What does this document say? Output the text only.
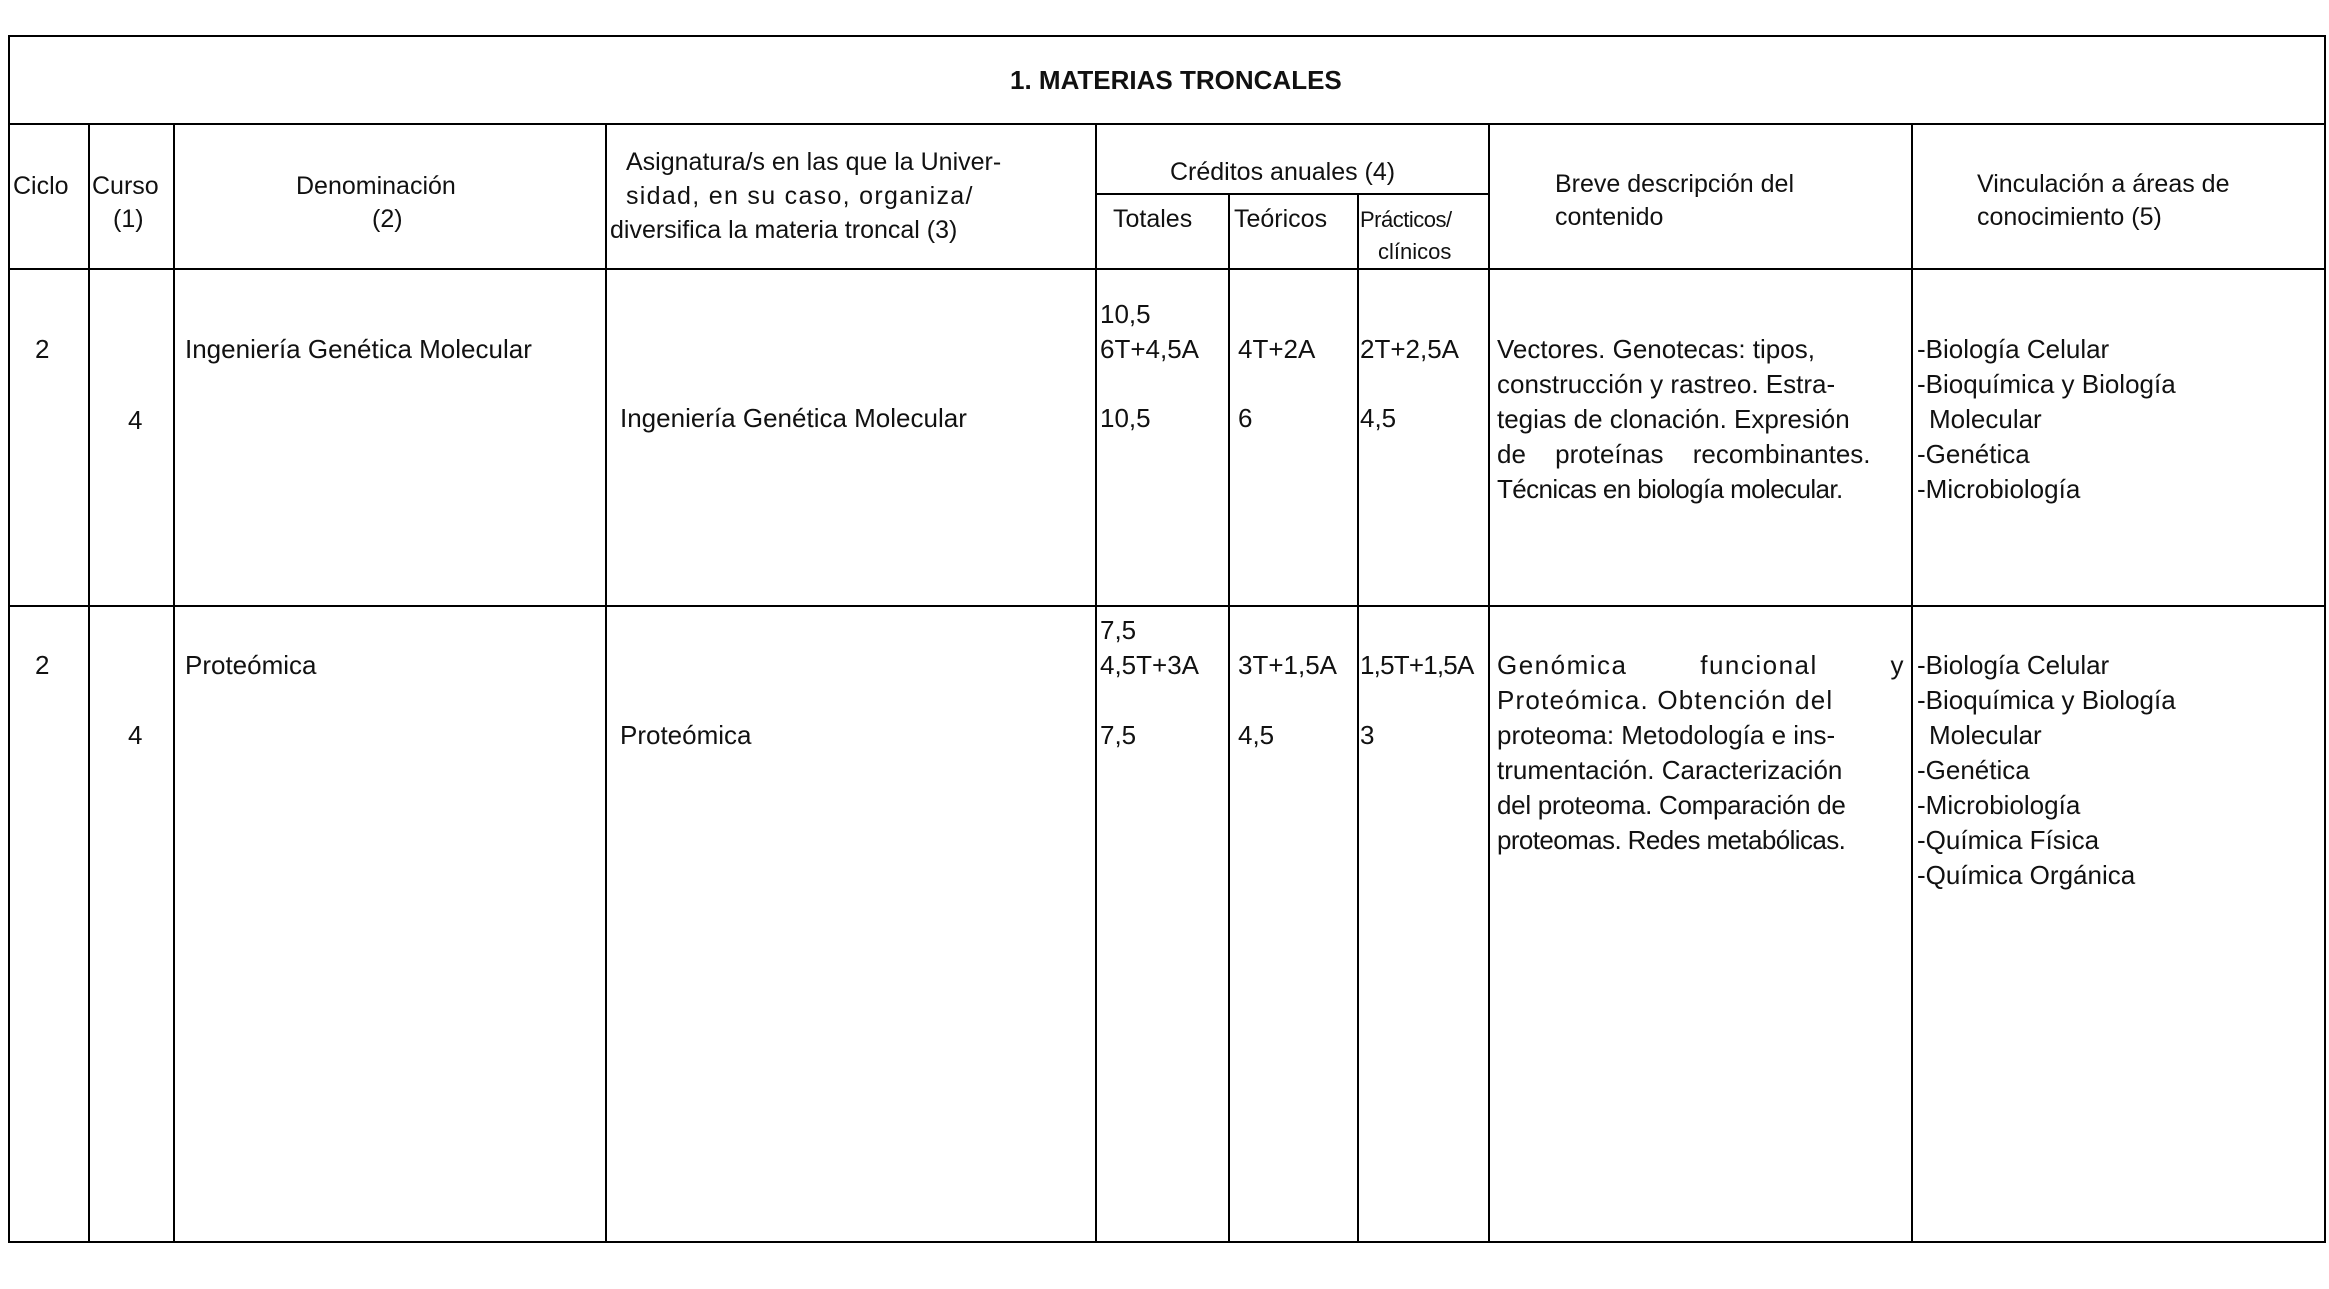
1. MATERIAS TRONCALES
Ciclo Curso
(1)
Denominación
(2)
Asignatura/s en las que la Univer-
sidad, en su caso, organiza/
diversifica la materia troncal (3)
Créditos anuales (4)
Totales Teóricos Prácticos/
clínicos
Breve descripción del
contenido
Vinculación a áreas de
conocimiento (5)
2
4
Ingeniería Genética Molecular
Ingeniería Genética Molecular
10,5
6T+4,5A
10,5
4T+2A
6
2T+2,5A
4,5
Vectores. Genotecas: tipos,
construcción y rastreo. Estra-
tegias de clonación. Expresión
de proteínas recombinantes.
Técnicas en biología molecular.
-Biología Celular
-Bioquímica y Biología
Molecular
-Genética
-Microbiología
2
4
Proteómica
Proteómica
7,5
4,5T+3A
7,5
3T+1,5A
4,5
1,5T+1,5A
3
Genómica funcional y
Proteómica. Obtención del
proteoma: Metodología e ins-
trumentación. Caracterización
del proteoma. Comparación de
proteomas. Redes metabólicas.
-Biología Celular
-Bioquímica y Biología
Molecular
-Genética
-Microbiología
-Química Física
-Química Orgánica
